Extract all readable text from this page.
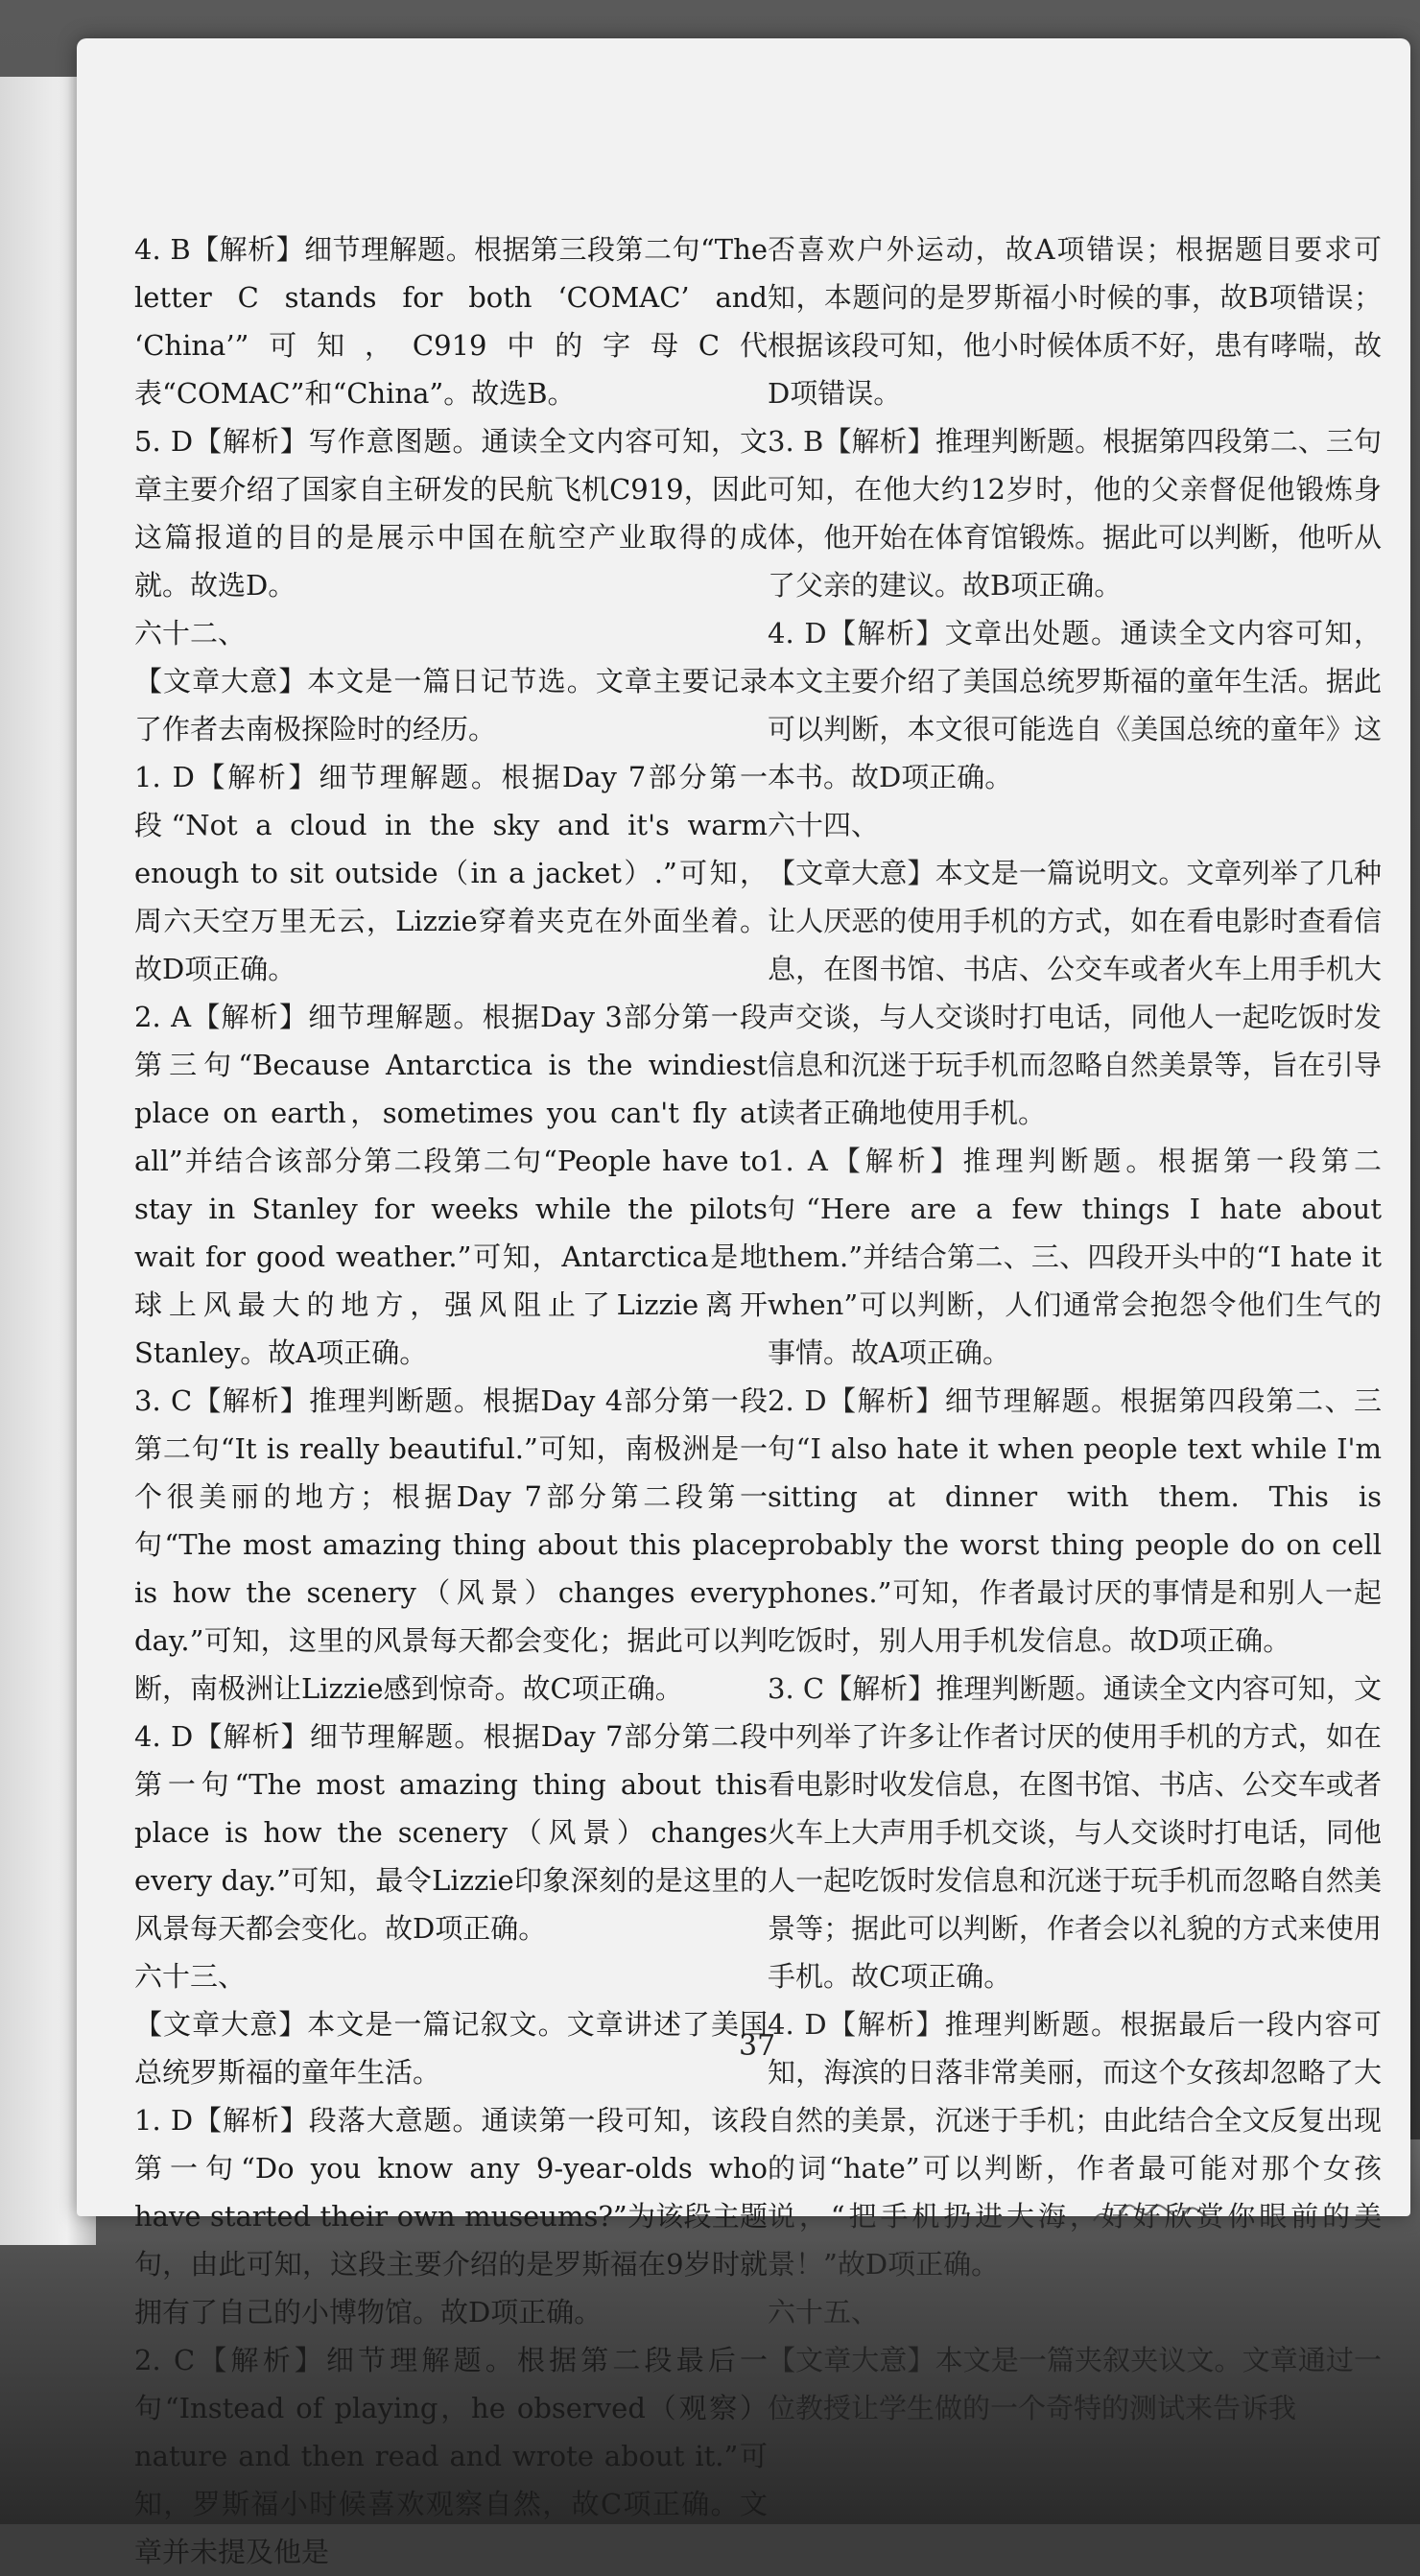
4. B【解析】细节理解题。根据第三段第二句“The letter C stands for both ‘COMAC’ and ‘China’”可知，C919中的字母C代表“COMAC”和“China”。故选B。

5. D【解析】写作意图题。通读全文内容可知，文章主要介绍了国家自主研发的民航飞机C919，因此这篇报道的目的是展示中国在航空产业取得的成就。故选D。

六十二、

【文章大意】本文是一篇日记节选。文章主要记录了作者去南极探险时的经历。

1. D【解析】细节理解题。根据Day 7部分第一段“Not a cloud in the sky and it's warm enough to sit outside（in a jacket）.”可知，周六天空万里无云，Lizzie穿着夹克在外面坐着。故D项正确。

2. A【解析】细节理解题。根据Day 3部分第一段第三句“Because Antarctica is the windiest place on earth，sometimes you can't fly at all”并结合该部分第二段第二句“People have to stay in Stanley for weeks while the pilots wait for good weather.”可知，Antarctica是地球上风最大的地方，强风阻止了Lizzie离开Stanley。故A项正确。

3. C【解析】推理判断题。根据Day 4部分第一段第二句“It is really beautiful.”可知，南极洲是一个很美丽的地方；根据Day 7部分第二段第一句“The most amazing thing about this place is how the scenery（风景）changes every day.”可知，这里的风景每天都会变化；据此可以判断，南极洲让Lizzie感到惊奇。故C项正确。

4. D【解析】细节理解题。根据Day 7部分第二段第一句“The most amazing thing about this place is how the scenery（风景）changes every day.”可知，最令Lizzie印象深刻的是这里的风景每天都会变化。故D项正确。

六十三、

【文章大意】本文是一篇记叙文。文章讲述了美国总统罗斯福的童年生活。

1. D【解析】段落大意题。通读第一段可知，该段第一句“Do you know any 9-year-olds who have started their own museums?”为该段主题句，由此可知，这段主要介绍的是罗斯福在9岁时就拥有了自己的小博物馆。故D项正确。

2. C【解析】细节理解题。根据第二段最后一句“Instead of playing，he observed（观察）nature and then read and wrote about it.”可知，罗斯福小时候喜欢观察自然，故C项正确。文章并未提及他是

否喜欢户外运动，故A项错误；根据题目要求可知，本题问的是罗斯福小时候的事，故B项错误；根据该段可知，他小时候体质不好，患有哮喘，故D项错误。

3. B【解析】推理判断题。根据第四段第二、三句可知，在他大约12岁时，他的父亲督促他锻炼身体，他开始在体育馆锻炼。据此可以判断，他听从了父亲的建议。故B项正确。

4. D【解析】文章出处题。通读全文内容可知，本文主要介绍了美国总统罗斯福的童年生活。据此可以判断，本文很可能选自《美国总统的童年》这本书。故D项正确。

六十四、

【文章大意】本文是一篇说明文。文章列举了几种让人厌恶的使用手机的方式，如在看电影时查看信息，在图书馆、书店、公交车或者火车上用手机大声交谈，与人交谈时打电话，同他人一起吃饭时发信息和沉迷于玩手机而忽略自然美景等，旨在引导读者正确地使用手机。

1. A【解析】推理判断题。根据第一段第二句“Here are a few things I hate about them.”并结合第二、三、四段开头中的“I hate it when”可以判断，人们通常会抱怨令他们生气的事情。故A项正确。

2. D【解析】细节理解题。根据第四段第二、三句“I also hate it when people text while I'm sitting at dinner with them. This is probably the worst thing people do on cell phones.”可知，作者最讨厌的事情是和别人一起吃饭时，别人用手机发信息。故D项正确。

3. C【解析】推理判断题。通读全文内容可知，文中列举了许多让作者讨厌的使用手机的方式，如在看电影时收发信息，在图书馆、书店、公交车或者火车上大声用手机交谈，与人交谈时打电话，同他人一起吃饭时发信息和沉迷于玩手机而忽略自然美景等；据此可以判断，作者会以礼貌的方式来使用手机。故C项正确。

4. D【解析】推理判断题。根据最后一段内容可知，海滨的日落非常美丽，而这个女孩却忽略了大自然的美景，沉迷于手机；由此结合全文反复出现的词“hate”可以判断，作者最可能对那个女孩说，“把手机扔进大海，好好欣赏你眼前的美景！”故D项正确。

六十五、

【文章大意】本文是一篇夹叙夹议文。文章通过一位教授让学生做的一个奇特的测试来告诉我

37
